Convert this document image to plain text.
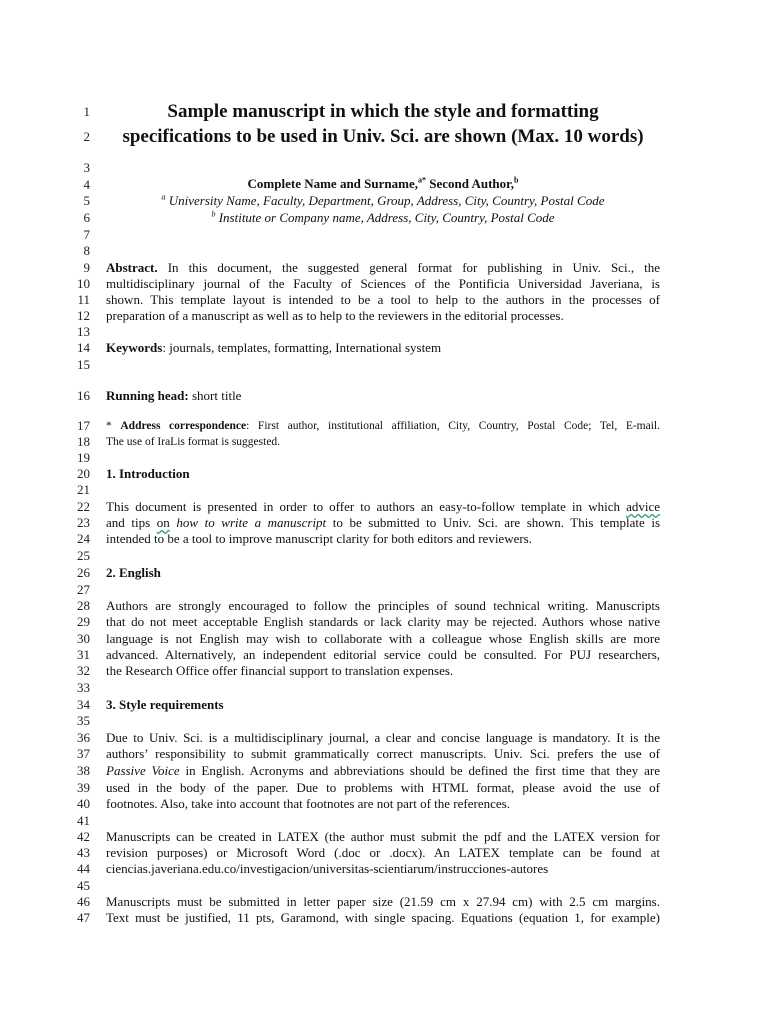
1
2
3
4
5
6
7
8
9
10
11
12
13
14
15
16
17
18
19
20
21
22
23
24
25
26
27
28
29
30
31
32
33
34
35
36
37
38
39
40
41
42
43
44
45
46
47
Sample manuscript in which the style and formatting
specifications to be used in Univ. Sci. are shown (Max. 10 words)
Complete Name and Surname,$^{a*}$ Second Author,$^b$
$^a$ University Name, Faculty, Department, Group, Address, City, Country, Postal Code
$^b$ Institute or Company name, Address, City, Country, Postal Code
Abstract. In this document, the suggested general format for publishing in Univ. Sci., the
multidisciplinary journal of the Faculty of Sciences of the Pontificia Universidad Javeriana, is
shown. This template layout is intended to be a tool to help to the authors in the processes of
preparation of a manuscript as well as to help to the reviewers in the editorial processes.
Keywords: journals, templates, formatting, International system
Running head: short title
* Address correspondence: First author, institutional affiliation, City, Country, Postal Code; Tel, E-mail.
The use of IraLis format is suggested.
1. Introduction
This document is presented in order to offer to authors an easy-to-follow template in which advice
and tips on how to write a manuscript to be submitted to Univ. Sci. are shown. This template is
intended to be a tool to improve manuscript clarity for both editors and reviewers.
2. English
Authors are strongly encouraged to follow the principles of sound technical writing. Manuscripts
that do not meet acceptable English standards or lack clarity may be rejected. Authors whose native
language is not English may wish to collaborate with a colleague whose English skills are more
advanced. Alternatively, an independent editorial service could be consulted. For PUJ researchers,
the Research Office offer financial support to translation expenses.
3. Style requirements
Due to Univ. Sci. is a multidisciplinary journal, a clear and concise language is mandatory. It is the
authors’ responsibility to submit grammatically correct manuscripts. Univ. Sci. prefers the use of
Passive Voice in English. Acronyms and abbreviations should be defined the first time that they are
used in the body of the paper. Due to problems with HTML format, please avoid the use of
footnotes. Also, take into account that footnotes are not part of the references.
Manuscripts can be created in LATEX (the author must submit the pdf and the LATEX version for
revision purposes) or Microsoft Word (.doc or .docx). An LATEX template can be found at
ciencias.javeriana.edu.co/investigacion/universitas-scientiarum/instrucciones-autores
Manuscripts must be submitted in letter paper size (21.59 cm x 27.94 cm) with 2.5 cm margins.
Text must be justified, 11 pts, Garamond, with single spacing. Equations (equation 1, for example)
